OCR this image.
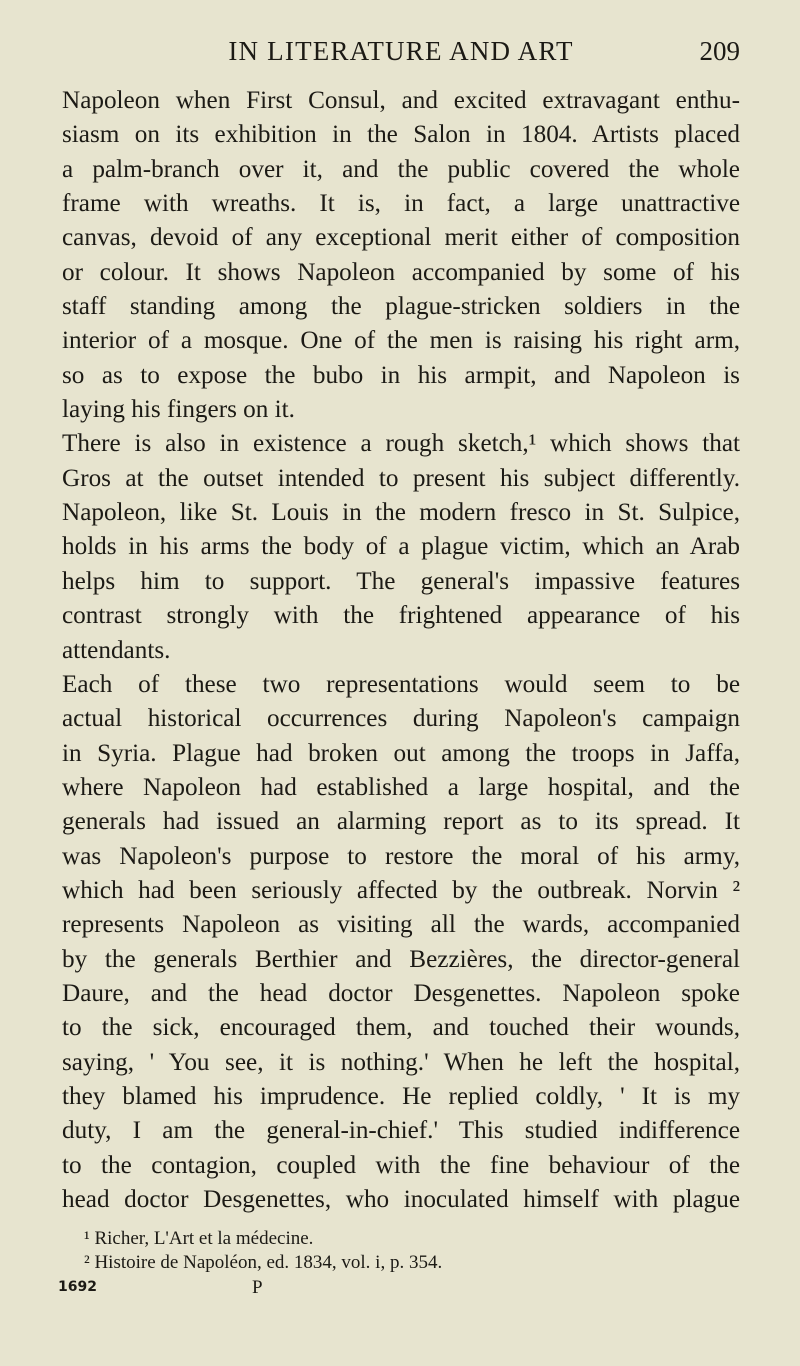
IN LITERATURE AND ART	209
Napoleon when First Consul, and excited extravagant enthu-
siasm on its exhibition in the Salon in 1804. Artists placed
a palm-branch over it, and the public covered the whole
frame with wreaths. It is, in fact, a large unattractive
canvas, devoid of any exceptional merit either of composition
or colour. It shows Napoleon accompanied by some of his
staff standing among the plague-stricken soldiers in the
interior of a mosque. One of the men is raising his right arm,
so as to expose the bubo in his armpit, and Napoleon is
laying his fingers on it.
There is also in existence a rough sketch,¹ which shows that
Gros at the outset intended to present his subject differently.
Napoleon, like St. Louis in the modern fresco in St. Sulpice,
holds in his arms the body of a plague victim, which an Arab
helps him to support. The general's impassive features
contrast strongly with the frightened appearance of his
attendants.
Each of these two representations would seem to be
actual historical occurrences during Napoleon's campaign
in Syria. Plague had broken out among the troops in Jaffa,
where Napoleon had established a large hospital, and the
generals had issued an alarming report as to its spread. It
was Napoleon's purpose to restore the moral of his army,
which had been seriously affected by the outbreak. Norvin ²
represents Napoleon as visiting all the wards, accompanied
by the generals Berthier and Bezzières, the director-general
Daure, and the head doctor Desgenettes. Napoleon spoke
to the sick, encouraged them, and touched their wounds,
saying, ' You see, it is nothing.' When he left the hospital,
they blamed his imprudence. He replied coldly, ' It is my
duty, I am the general-in-chief.' This studied indifference
to the contagion, coupled with the fine behaviour of the
head doctor Desgenettes, who inoculated himself with plague
¹ Richer, L'Art et la médecine.
² Histoire de Napoléon, ed. 1834, vol. i, p. 354.
1692	P
